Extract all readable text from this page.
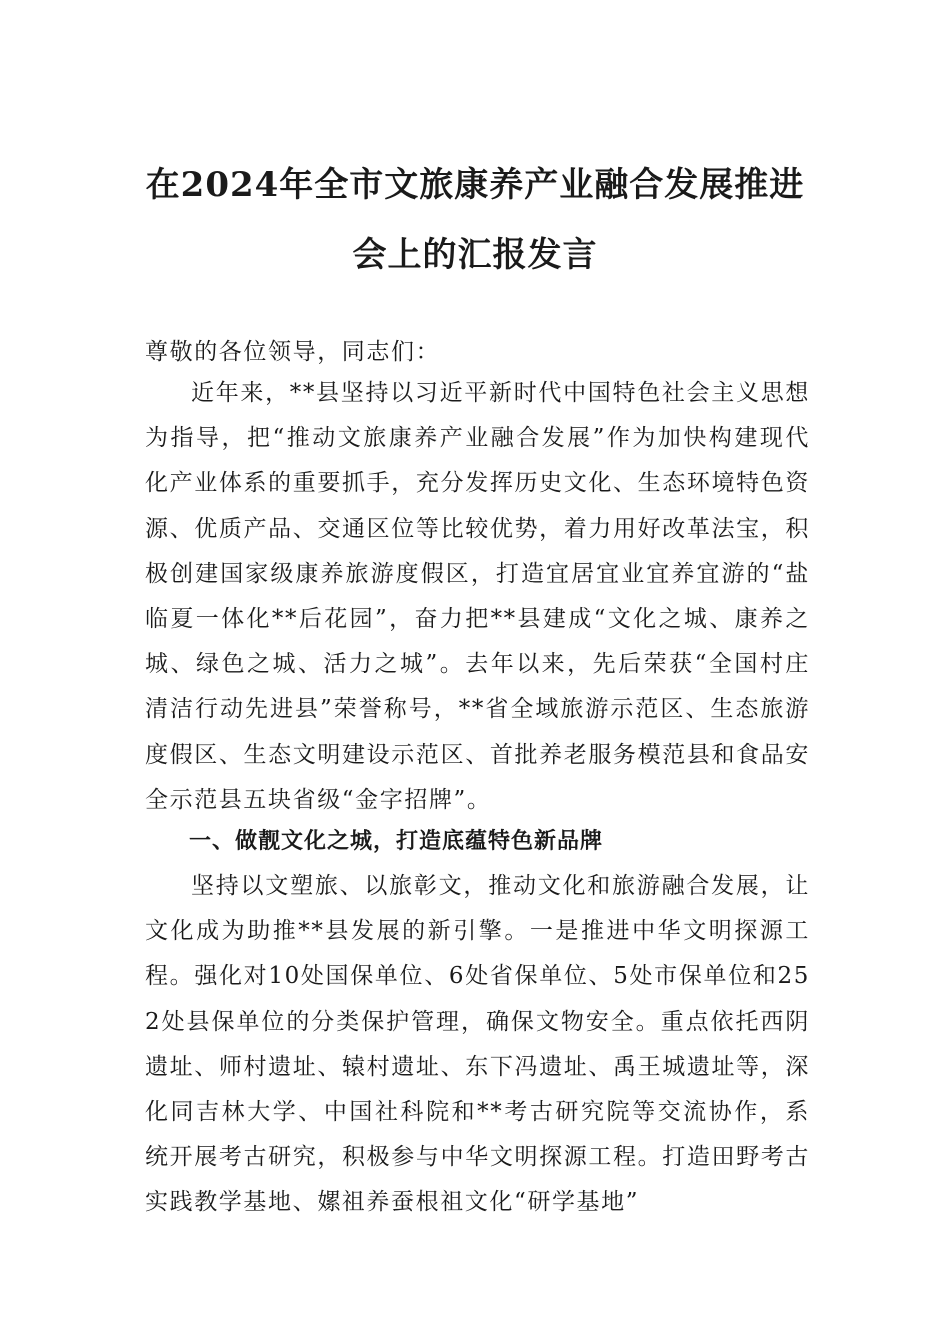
在2024年全市文旅康养产业融合发展推进
会上的汇报发言

尊敬的各位领导，同志们：

近年来，**县坚持以习近平新时代中国特色社会主义思想为指导，把“推动文旅康养产业融合发展”作为加快构建现代化产业体系的重要抓手，充分发挥历史文化、生态环境特色资源、优质产品、交通区位等比较优势，着力用好改革法宝，积极创建国家级康养旅游度假区，打造宜居宜业宜养宜游的“盐临夏一体化**后花园”，奋力把**县建成“文化之城、康养之城、绿色之城、活力之城”。去年以来，先后荣获“全国村庄清洁行动先进县”荣誉称号，**省全域旅游示范区、生态旅游度假区、生态文明建设示范区、首批养老服务模范县和食品安全示范县五块省级“金字招牌”。

一、做靓文化之城，打造底蕴特色新品牌

坚持以文塑旅、以旅彰文，推动文化和旅游融合发展，让文化成为助推**县发展的新引擎。一是推进中华文明探源工程。强化对10处国保单位、6处省保单位、5处市保单位和252处县保单位的分类保护管理，确保文物安全。重点依托西阴遗址、师村遗址、辕村遗址、东下冯遗址、禹王城遗址等，深化同吉林大学、中国社科院和**考古研究院等交流协作，系统开展考古研究，积极参与中华文明探源工程。打造田野考古实践教学基地、嫘祖养蚕根祖文化“研学基地”
